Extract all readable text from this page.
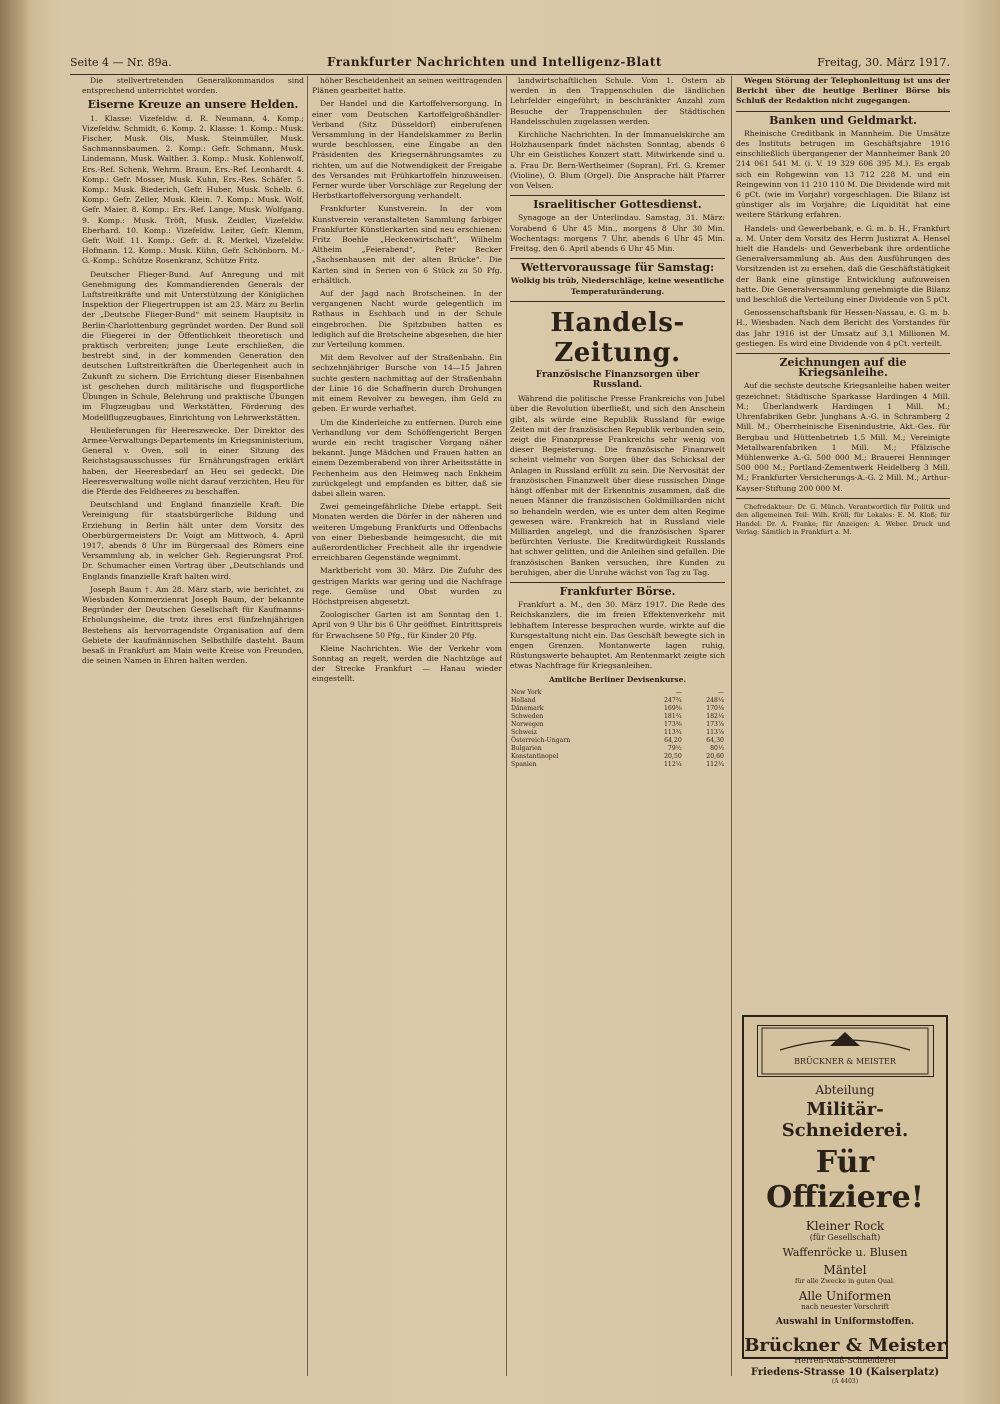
Seite 4 — Nr. 89a.	Frankfurter Nachrichten und Intelligenz-Blatt	Freitag, 30. März 1917.

Die stellvertretenden Generalkommandos sind entsprechend unterrichtet worden.

Eiserne Kreuze an unsere Helden.

1. Klasse: Vizefeldw. d. R. Neumann, 4. Komp.; Vizefeldw. Schmidt, 6. Komp. 2. Klasse: 1. Komp.: Musk. Fischer, Musk. Ols, Musk. Steinmüller, Musk. Sachmannsbaumen. 2. Komp.: Gefr. Schmann, Musk. Lindemann, Musk. Walther. 3. Komp.: Musk. Kohlenwolf, Ers.-Ref. Schenk, Wehrm. Braun, Ers.-Ref. Leonhardt. 4. Komp.: Gefr. Mosser, Musk. Kuhn, Ers.-Res. Schäfer. 5. Komp.: Musk. Biederich, Gefr. Huber, Musk. Schelb. 6. Komp.: Gefr. Zeller, Musk. Klein. 7. Komp.: Musk. Wolf, Gefr. Maier. 8. Komp.: Ers.-Ref. Lange, Musk. Wolfgang. 9. Komp.: Musk. Tröft, Musk. Zeidler, Vizefeldw. Eberhard. 10. Komp.: Vizefeldw. Leiter, Gefr. Klemm, Gefr. Wolf. 11. Komp.: Gefr. d. R. Merkel, Vizefeldw. Hofmann. 12. Komp.: Musk. Kühn, Gefr. Schönborn. M.-G.-Komp.: Schütze Rosenkranz, Schütze Fritz.

Deutscher Flieger-Bund. Auf Anregung und mit Genehmigung des Kommandierenden Generals der Luftstreitkräfte und mit Unterstützung der Königlichen Inspektion der Fliegertruppen ist am 23. März zu Berlin der „Deutsche Flieger-Bund“ mit seinem Hauptsitz in Berlin-Charlottenburg gegründet worden. Der Bund soll die Fliegerei in der Öffentlichkeit theoretisch und praktisch verbreiten; junge Leute erschließen, die bestrebt sind, in der kommenden Generation den deutschen Luftstreitkräften die Überlegenheit auch in Zukunft zu sichern. Die Errichtung dieser Eisenbahnen ist geschehen durch militärische und flugsportliche Übungen in Schule, Belehrung und praktische Übungen im Flugzeugbau und Werkstätten, Förderung des Modellflugzeugbaues, Einrichtung von Lehrwerkstätten.

Heulieferungen für Heereszwecke. Der Direktor des Armee-Verwaltungs-Departements im Kriegsministerium, General v. Oven, soll in einer Sitzung des Reichstagsausschusses für Ernährungsfragen erklärt haben, der Heeresbedarf an Heu sei gedeckt. Die Heeresverwaltung wolle nicht darauf verzichten, Heu für die Pferde des Feldheeres zu beschaffen.

Deutschland und England finanzielle Kraft. Die Vereinigung für staatsbürgerliche Bildung und Erziehung in Berlin hält unter dem Vorsitz des Oberbürgermeisters Dr. Voigt am Mittwoch, 4. April 1917, abends 8 Uhr im Bürgersaal des Römers eine Versammlung ab, in welcher Geh. Regierungsrat Prof. Dr. Schumacher einen Vortrag über „Deutschlands und Englands finanzielle Kraft halten wird.

Joseph Baum †. Am 28. März starb, wie berichtet, zu Wiesbaden Kommerzienrat Joseph Baum, der bekannte Begründer der Deutschen Gesellschaft für Kaufmanns-Erholungsheime, die trotz ihres erst fünfzehnjährigen Bestehens als hervorragendste Organisation auf dem Gebiete der kaufmännischen Selbsthilfe dasteht. Baum besaß in Frankfurt am Main weite Kreise von Freunden, die seinen Namen in Ehren halten werden.

höher Bescheidenheit an seinen weittragenden Plänen gearbeitet hatte.

Der Handel und die Kartoffelversorgung. In einer vom Deutschen Kartoffelgroßhändler-Verband (Sitz Düsseldorf) einberufenen Versammlung in der Handelskammer zu Berlin wurde beschlossen, eine Eingabe an den Präsidenten des Kriegsernährungsamtes zu richten, um auf die Notwendigkeit der Freigabe des Versandes mit Frühkartoffeln hinzuweisen. Ferner wurde über Vorschläge zur Regelung der Herbstkartoffelversorgung verhandelt.

Frankfurter Kunstverein. In der vom Kunstverein veranstalteten Sammlung farbiger Frankfurter Künstlerkarten sind neu erschienen: Fritz Boehle „Heckenwirtschaft“, Wilhelm Altheim „Feierabend“, Peter Becker „Sachsenhausen mit der alten Brücke“. Die Karten sind in Serien von 6 Stück zu 50 Pfg. erhältlich.

Auf der Jagd nach Brotscheinen. In der vergangenen Nacht wurde gelegentlich im Rathaus in Eschbach und in der Schule eingebrochen. Die Spitzbuben hatten es lediglich auf die Brotscheine abgesehen, die hier zur Verteilung kommen.

Mit dem Revolver auf der Straßenbahn. Ein sechzehnjähriger Bursche von 14—15 Jahren suchte gestern nachmittag auf der Straßenbahn der Linie 16 die Schaffnerin durch Drohungen mit einem Revolver zu bewegen, ihm Geld zu geben. Er wurde verhaftet.

Um die Kinderleiche zu entfernen. Durch eine Verhandlung vor dem Schöffengericht Bergen wurde ein recht tragischer Vorgang näher bekannt. Junge Mädchen und Frauen hatten an einem Dezemberabend von ihrer Arbeitsstätte in Fechenheim aus den Heimweg nach Enkheim zurückgelegt und empfanden es bitter, daß sie dabei allein waren.

Zwei gemeingefährliche Diebe ertappt. Seit Monaten werden die Dörfer in der näheren und weiteren Umgebung Frankfurts und Offenbachs von einer Diebesbande heimgesucht, die mit außerordentlicher Frechheit alle ihr irgendwie erreichbaren Gegenstände wegnimmt.

Marktbericht vom 30. März. Die Zufuhr des gestrigen Markts war gering und die Nachfrage rege. Gemüse und Obst wurden zu Höchstpreisen abgesetzt.

Zoologischer Garten ist am Sonntag den 1. April von 9 Uhr bis 6 Uhr geöffnet. Eintrittspreis für Erwachsene 50 Pfg., für Kinder 20 Pfg.

Kleine Nachrichten. Wie der Verkehr vom Sonntag an regelt, werden die Nachtzüge auf der Strecke Frankfurt — Hanau wieder eingestellt.

landwirtschaftlichen Schule. Vom 1. Ostern ab werden in den Trappenschulen die ländlichen Lehrfelder eingeführt; in beschränkter Anzahl zum Besuche der Trappenschulen der Städtischen Handelsschulen zugelassen werden.

Kirchliche Nachrichten. In der Immanuelskirche am Holzhausenpark findet nächsten Sonntag, abends 6 Uhr ein Geistliches Konzert statt. Mitwirkende sind u. a. Frau Dr. Bern-Wertheimer (Sopran), Frl. G. Kremer (Violine), O. Blum (Orgel). Die Ansprache hält Pfarrer von Velsen.

Israelitischer Gottesdienst.

Synagoge an der Unterlindau. Samstag, 31. März: Vorabend 6 Uhr 45 Min., morgens 8 Uhr 30 Min. Wochentags: morgens 7 Uhr, abends 6 Uhr 45 Min. Freitag, den 6. April abends 6 Uhr 45 Min.

Wettervoraussage für Samstag:

Wolkig bis trüb, Niederschläge, keine wesentliche Temperaturänderung.

Handels-Zeitung.
Französische Finanzsorgen über Russland.

Während die politische Presse Frankreichs von Jubel über die Revolution überfließt, und sich den Anschein gibt, als würde eine Republik Russland für ewige Zeiten mit der französischen Republik verbunden sein, zeigt die Finanzpresse Frankreichs sehr wenig von dieser Begeisterung. Die französische Finanzwelt scheint vielmehr von Sorgen über das Schicksal der Anlagen in Russland erfüllt zu sein. Die Nervosität der französischen Finanzwelt über diese russischen Dinge hängt offenbar mit der Erkenntnis zusammen, daß die neuen Männer die französischen Goldmilliarden nicht so behandeln werden, wie es unter dem alten Regime gewesen wäre. Frankreich hat in Russland viele Milliarden angelegt, und die französischen Sparer befürchten Verluste. Die Kreditwürdigkeit Russlands hat schwer gelitten, und die Anleihen sind gefallen. Die französischen Banken versuchen, ihre Kunden zu beruhigen, aber die Unruhe wächst von Tag zu Tag.

Frankfurter Börse.

Frankfurt a. M., den 30. März 1917. Die Rede des Reichskanzlers, die im freien Effektenverkehr mit lebhaftem Interesse besprochen wurde, wirkte auf die Kursgestaltung nicht ein. Das Geschäft bewegte sich in engen Grenzen. Montanwerte lagen ruhig, Rüstungswerte behauptet. Am Rentenmarkt zeigte sich etwas Nachfrage für Kriegsanleihen.

Amtliche Berliner Devisenkurse.
New York	—	—
Holland	247¾	248¼
Dänemark	169⅝	170⅛
Schweden	181¾	182¼
Norwegen	173⅜	173⅞
Schweiz	113¾	113⅞
Österreich-Ungarn	64,20	64,30
Bulgarien	79½	80½
Konstantinopel	20,50	20,60
Spanien	112¼	112¾

Wegen Störung der Telephonleitung ist uns der Bericht über die heutige Berliner Börse bis Schluß der Redaktion nicht zugegangen.

Banken und Geldmarkt.

Rheinische Creditbank in Mannheim. Die Umsätze des Instituts betrugen im Geschäftsjahre 1916 einschließlich übergangener der Mannheimer Bank 20 214 061 541 M. (i. V. 19 329 606 395 M.). Es ergab sich ein Rohgewinn von 13 712 228 M. und ein Reingewinn von 11 210 110 M. Die Dividende wird mit 6 pCt. (wie im Vorjahr) vorgeschlagen. Die Bilanz ist günstiger als im Vorjahre; die Liquidität hat eine weitere Stärkung erfahren.

Handels- und Gewerbebank, e. G. m. b. H., Frankfurt a. M. Unter dem Vorsitz des Herrn Justizrat A. Hensel hielt die Handels- und Gewerbebank ihre ordentliche Generalversammlung ab. Aus den Ausführungen des Vorsitzenden ist zu ersehen, daß die Geschäftstätigkeit der Bank eine günstige Entwicklung aufzuweisen hatte. Die Generalversammlung genehmigte die Bilanz und beschloß die Verteilung einer Dividende von 5 pCt.

Genossenschaftsbank für Hessen-Nassau, e. G. m. b. H., Wiesbaden. Nach dem Bericht des Vorstandes für das Jahr 1916 ist der Umsatz auf 3,1 Millionen M. gestiegen. Es wird eine Dividende von 4 pCt. verteilt.

Zeichnungen auf die Kriegsanleihe.

Auf die sechste deutsche Kriegsanleihe haben weiter gezeichnet: Städtische Sparkasse Hardingen 4 Mill. M.; Überlandwerk Hardingen 1 Mill. M.; Uhrenfabriken Gebr. Junghans A.-G. in Schramberg 2 Mill. M.; Oberrheinische Eisenindustrie, Akt.-Ges. für Bergbau und Hüttenbetrieb 1,5 Mill. M.; Vereinigte Metallwarenfabriken 1 Mill. M.; Pfälzische Mühlenwerke A.-G. 500 000 M.; Brauerei Henninger 500 000 M.; Portland-Zementwerk Heidelberg 3 Mill. M.; Frankfurter Versicherungs-A.-G. 2 Mill. M.; Arthur-Kayser-Stiftung 200 000 M.

Chefredakteur: Dr. G. Münch. Verantwortlich für Politik und den allgemeinen Teil: Wilh. Kröll; für Lokales: E. M. Kloß; für Handel: Dr. A. Franke; für Anzeigen: A. Weber. Druck und Verlag: Sämtlich in Frankfurt a. M.

BRÜCKNER & MEISTER
Abteilung
Militär-Schneiderei.
Für Offiziere!
Kleiner Rock
(für Gesellschaft)
Waffenröcke u. Blusen
Mäntel
für alle Zwecke in guten Qual.
Alle Uniformen
nach neuester Vorschrift
Auswahl in Uniformstoffen.
Brückner & Meister
Herren-Maß-Schneiderei
Friedens-Strasse 10 (Kaiserplatz)
(A 4403)
